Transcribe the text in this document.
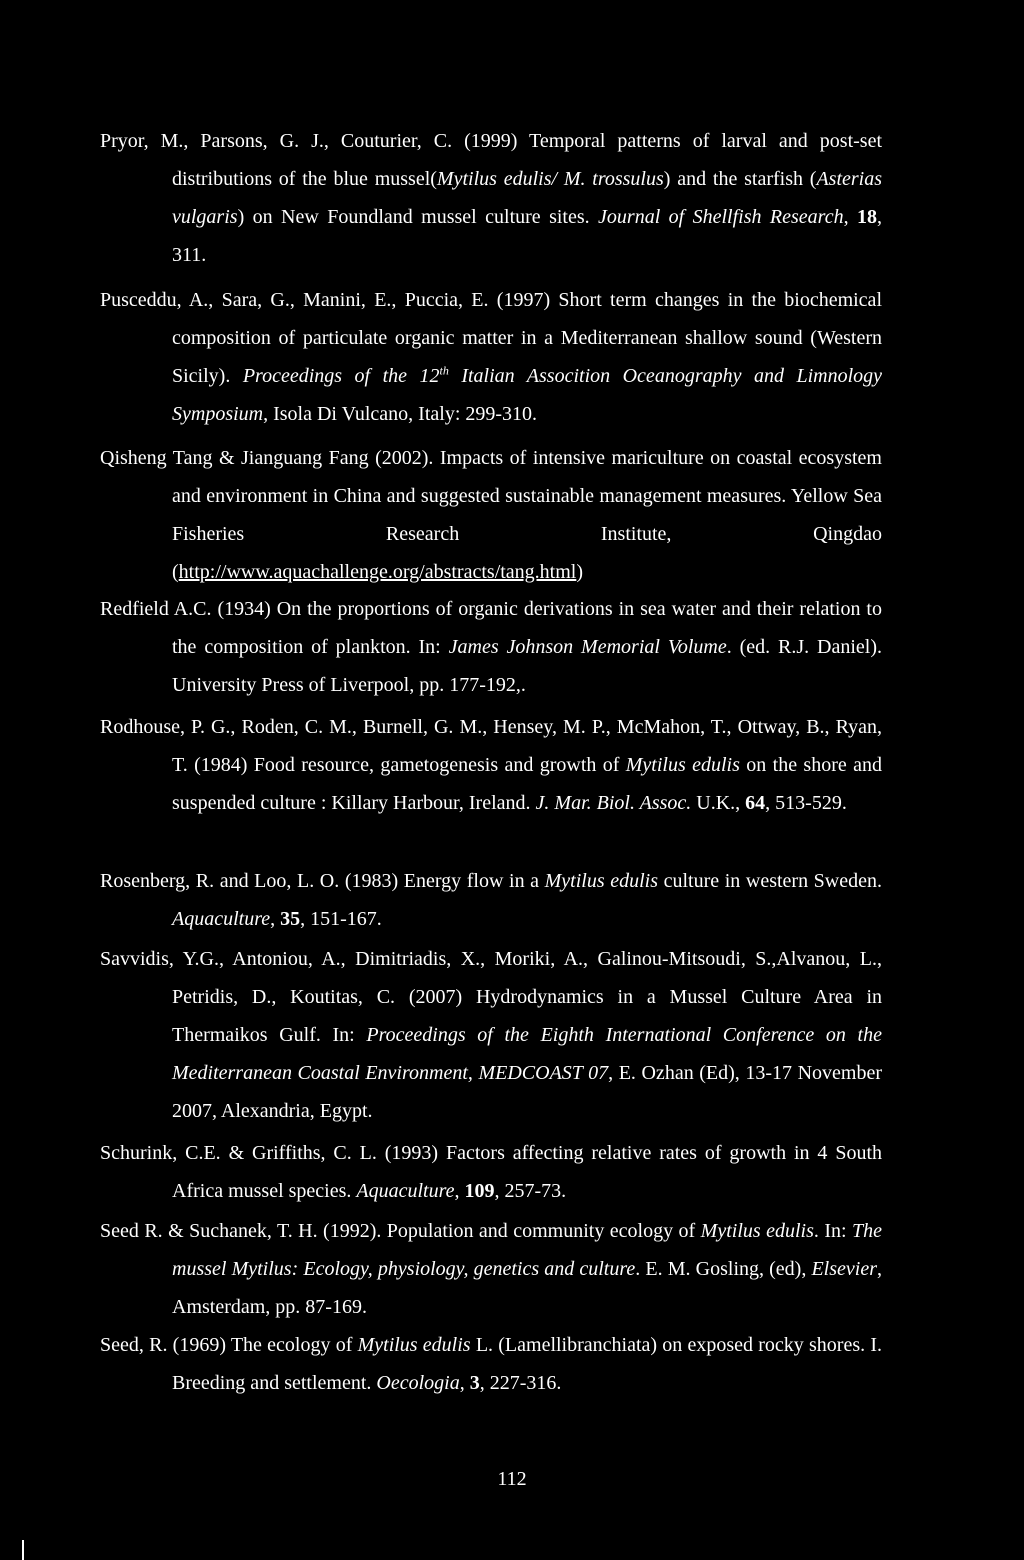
Pryor, M., Parsons, G. J., Couturier, C. (1999) Temporal patterns of larval and post-set distributions of the blue mussel(Mytilus edulis/ M. trossulus) and the starfish (Asterias vulgaris) on New Foundland mussel culture sites. Journal of Shellfish Research, 18, 311.
Pusceddu, A., Sara, G., Manini, E., Puccia, E. (1997) Short term changes in the biochemical composition of particulate organic matter in a Mediterranean shallow sound (Western Sicily). Proceedings of the 12th Italian Assocition Oceanography and Limnology Symposium, Isola Di Vulcano, Italy: 299-310.
Qisheng Tang & Jianguang Fang (2002). Impacts of intensive mariculture on coastal ecosystem and environment in China and suggested sustainable management measures. Yellow Sea Fisheries Research Institute, Qingdao (http://www.aquachallenge.org/abstracts/tang.html)
Redfield A.C. (1934) On the proportions of organic derivations in sea water and their relation to the composition of plankton. In: James Johnson Memorial Volume. (ed. R.J. Daniel). University Press of Liverpool, pp. 177-192,.
Rodhouse, P. G., Roden, C. M., Burnell, G. M., Hensey, M. P., McMahon, T., Ottway, B., Ryan, T. (1984) Food resource, gametogenesis and growth of Mytilus edulis on the shore and suspended culture : Killary Harbour, Ireland. J. Mar. Biol. Assoc. U.K., 64, 513-529.
Rosenberg, R. and Loo, L. O. (1983) Energy flow in a Mytilus edulis culture in western Sweden. Aquaculture, 35, 151-167.
Savvidis, Y.G., Antoniou, A., Dimitriadis, X., Moriki, A., Galinou-Mitsoudi, S.,Alvanou, L., Petridis, D., Koutitas, C. (2007) Hydrodynamics in a Mussel Culture Area in Thermaikos Gulf. In: Proceedings of the Eighth International Conference on the Mediterranean Coastal Environment, MEDCOAST 07, E. Ozhan (Ed), 13-17 November 2007, Alexandria, Egypt.
Schurink, C.E. & Griffiths, C. L. (1993) Factors affecting relative rates of growth in 4 South Africa mussel species. Aquaculture, 109, 257-73.
Seed R. & Suchanek, T. H. (1992). Population and community ecology of Mytilus edulis. In: The mussel Mytilus: Ecology, physiology, genetics and culture. E. M. Gosling, (ed), Elsevier, Amsterdam, pp. 87-169.
Seed, R. (1969) The ecology of Mytilus edulis L. (Lamellibranchiata) on exposed rocky shores. I. Breeding and settlement. Oecologia, 3, 227-316.
112
